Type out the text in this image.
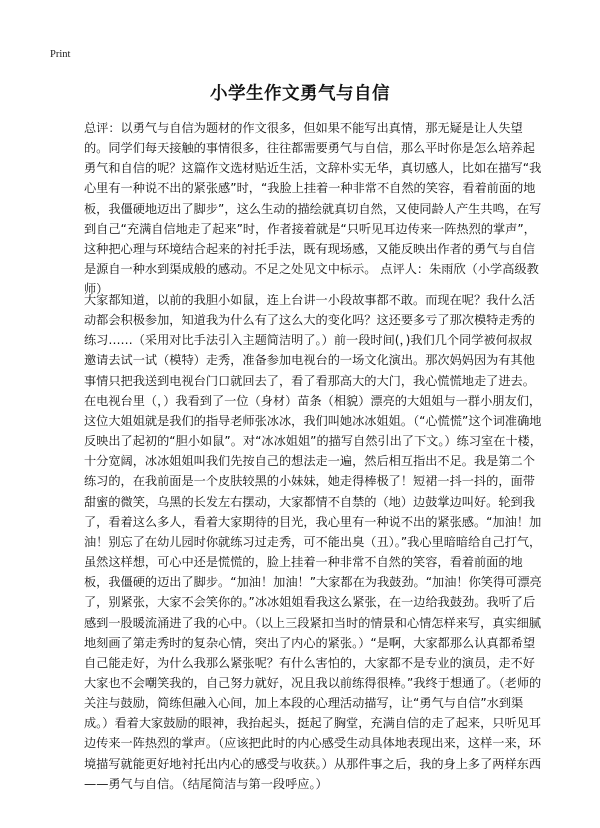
Print
小学生作文勇气与自信

总评：以勇气与自信为题材的作文很多，但如果不能写出真情，那无疑是让人失望的。同学们每天接触的事情很多，往往都需要勇气与自信，那么平时你是怎么培养起勇气和自信的呢？这篇作文选材贴近生活，文辞朴实无华，真切感人，比如在描写“我心里有一种说不出的紧张感”时，“我脸上挂着一种非常不自然的笑容，看着前面的地板，我僵硬地迈出了脚步”，这么生动的描绘就真切自然，又使同龄人产生共鸣，在写到自己“充满自信地走了起来”时，作者接着就是“只听见耳边传来一阵热烈的掌声”，这种把心理与环境结合起来的衬托手法，既有现场感，又能反映出作者的勇气与自信是源自一种水到渠成般的感动。不足之处见文中标示。 点评人：朱雨欣（小学高级教师）

大家都知道，以前的我胆小如鼠，连上台讲一小段故事都不敢。而现在呢？我什么活动都会积极参加，知道我为什么有了这么大的变化吗？这还要多亏了那次模特走秀的练习……（采用对比手法引入主题简洁明了。）前一段时间(，)我们几个同学被何叔叔邀请去试一试（模特）走秀，准备参加电视台的一场文化演出。那次妈妈因为有其他事情只把我送到电视台门口就回去了，看了看那高大的大门，我心慌慌地走了进去。在电视台里（，）我看到了一位（身材）苗条（相貌）漂亮的大姐姐与一群小朋友们，这位大姐姐就是我们的指导老师张冰冰，我们叫她冰冰姐姐。（“心慌慌”这个词准确地反映出了起初的“胆小如鼠”。对“冰冰姐姐”的描写自然引出了下文。）练习室在十楼，十分宽阔，冰冰姐姐叫我们先按自己的想法走一遍，然后相互指出不足。我是第二个练习的，在我前面是一个皮肤较黑的小妹妹，她走得棒极了！短裙一抖一抖的，面带甜蜜的微笑，乌黑的长发左右摆动，大家都情不自禁的（地）边鼓掌边叫好。轮到我了，看着这么多人，看着大家期待的目光，我心里有一种说不出的紧张感。“加油！加油！别忘了在幼儿园时你就练习过走秀，可不能出臭（丑）。”我心里暗暗给自己打气，虽然这样想，可心中还是慌慌的，脸上挂着一种非常不自然的笑容，看着前面的地板，我僵硬的迈出了脚步。“加油！加油！”大家都在为我鼓劲。“加油！你笑得可漂亮了，别紧张，大家不会笑你的。”冰冰姐姐看我这么紧张，在一边给我鼓劲。我听了后感到一股暖流涌进了我的心中。（以上三段紧扣当时的情景和心情怎样来写，真实细腻地刻画了第走秀时的复杂心情，突出了内心的紧张。）“是啊，大家都那么认真都希望自己能走好，为什么我那么紧张呢？有什么害怕的，大家都不是专业的演员，走不好大家也不会嘲笑我的，自己努力就好，况且我以前练得很棒。”我终于想通了。（老师的关注与鼓励，简练但融入心间，加上本段的心理活动描写，让“勇气与自信”水到渠成。）看着大家鼓励的眼神，我抬起头，挺起了胸堂，充满自信的走了起来，只听见耳边传来一阵热烈的掌声。（应该把此时的内心感受生动具体地表现出来，这样一来，环境描写就能更好地衬托出内心的感受与收获。）从那件事之后，我的身上多了两样东西——勇气与自信。（结尾简洁与第一段呼应。）
